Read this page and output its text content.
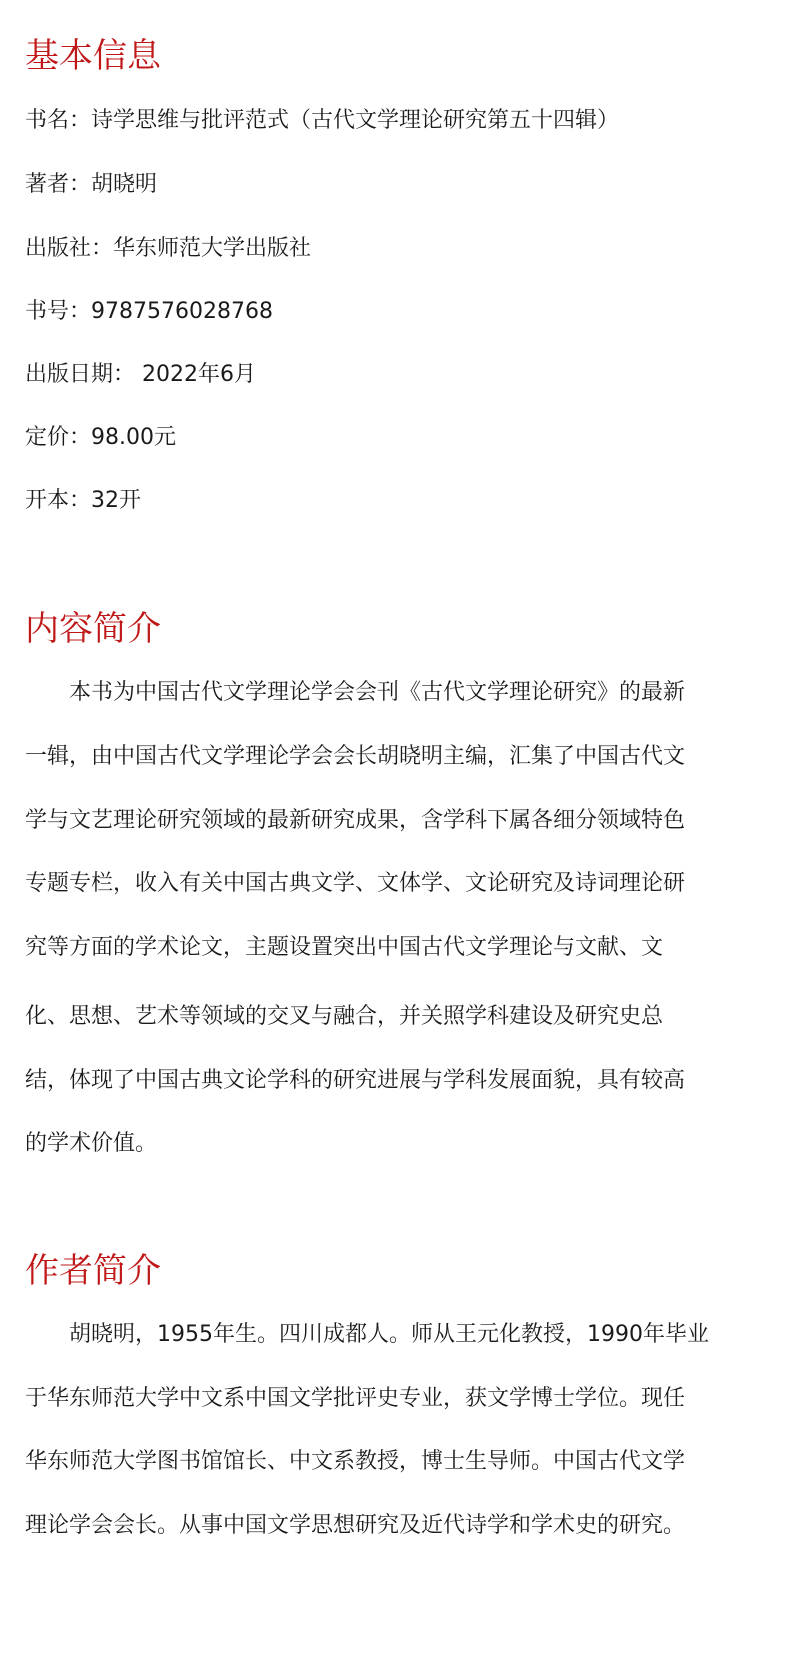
基本信息

书名：诗学思维与批评范式（古代文学理论研究第五十四辑）

著者：胡晓明

出版社：华东师范大学出版社

书号：9787576028768

出版日期： 2022年6月

定价：98.00元

开本：32开

内容简介

本书为中国古代文学理论学会会刊《古代文学理论研究》的最新

一辑，由中国古代文学理论学会会长胡晓明主编，汇集了中国古代文

学与文艺理论研究领域的最新研究成果，含学科下属各细分领域特色

专题专栏，收入有关中国古典文学、文体学、文论研究及诗词理论研

究等方面的学术论文，主题设置突出中国古代文学理论与文献、文

化、思想、艺术等领域的交叉与融合，并关照学科建设及研究史总

结，体现了中国古典文论学科的研究进展与学科发展面貌，具有较高

的学术价值。

作者简介

胡晓明，1955年生。四川成都人。师从王元化教授，1990年毕业

于华东师范大学中文系中国文学批评史专业，获文学博士学位。现任

华东师范大学图书馆馆长、中文系教授，博士生导师。中国古代文学

理论学会会长。从事中国文学思想研究及近代诗学和学术史的研究。
